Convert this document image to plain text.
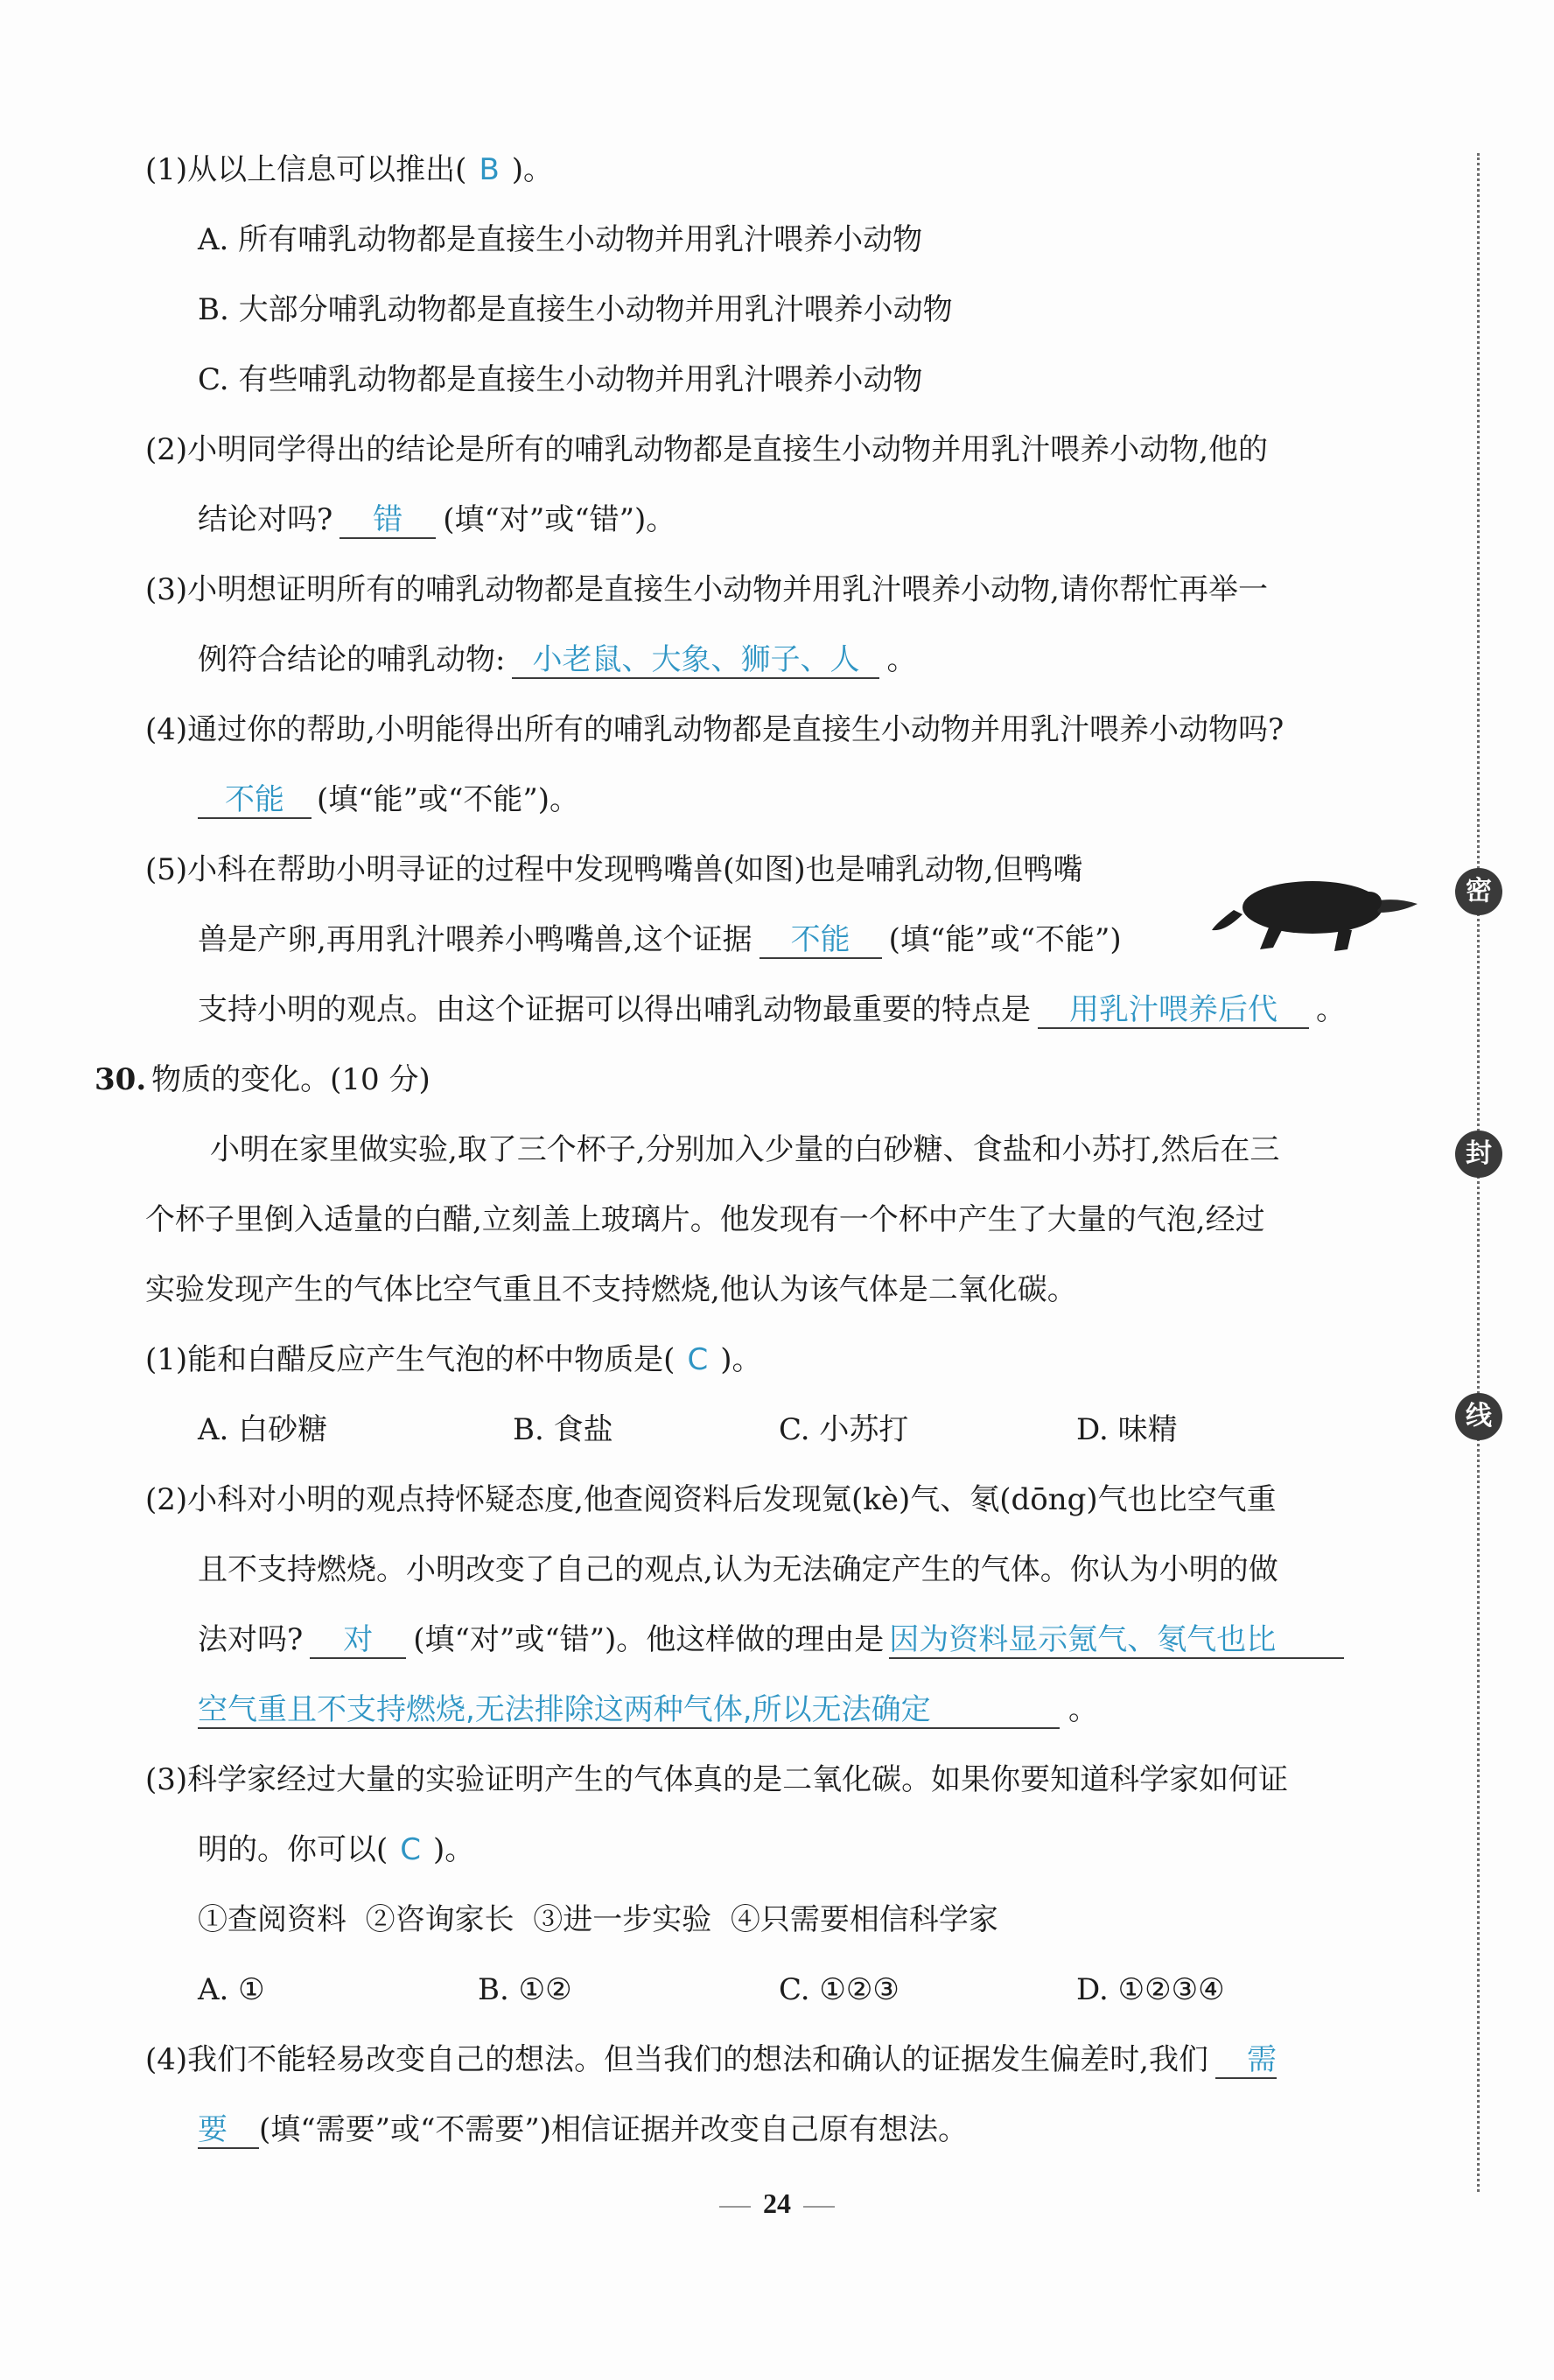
(1)从以上信息可以推出( B )。
A. 所有哺乳动物都是直接生小动物并用乳汁喂养小动物
B. 大部分哺乳动物都是直接生小动物并用乳汁喂养小动物
C. 有些哺乳动物都是直接生小动物并用乳汁喂养小动物
(2)小明同学得出的结论是所有的哺乳动物都是直接生小动物并用乳汁喂养小动物,他的
结论对吗? 错 (填“对”或“错”)。
(3)小明想证明所有的哺乳动物都是直接生小动物并用乳汁喂养小动物,请你帮忙再举一
例符合结论的哺乳动物: 小老鼠、大象、狮子、人 。
(4)通过你的帮助,小明能得出所有的哺乳动物都是直接生小动物并用乳汁喂养小动物吗?
不能 (填“能”或“不能”)。
(5)小科在帮助小明寻证的过程中发现鸭嘴兽(如图)也是哺乳动物,但鸭嘴
兽是产卵,再用乳汁喂养小鸭嘴兽,这个证据 不能 (填“能”或“不能”)
支持小明的观点。由这个证据可以得出哺乳动物最重要的特点是 用乳汁喂养后代 。
30. 物质的变化。(10 分)
小明在家里做实验,取了三个杯子,分别加入少量的白砂糖、食盐和小苏打,然后在三
个杯子里倒入适量的白醋,立刻盖上玻璃片。他发现有一个杯中产生了大量的气泡,经过
实验发现产生的气体比空气重且不支持燃烧,他认为该气体是二氧化碳。
(1)能和白醋反应产生气泡的杯中物质是( C )。
A. 白砂糖	B. 食盐	C. 小苏打	D. 味精
(2)小科对小明的观点持怀疑态度,他查阅资料后发现氪(kè)气、氡(dōng)气也比空气重
且不支持燃烧。小明改变了自己的观点,认为无法确定产生的气体。你认为小明的做
法对吗? 对 (填“对”或“错”)。他这样做的理由是 因为资料显示氪气、氡气也比
空气重且不支持燃烧,无法排除这两种气体,所以无法确定	。
(3)科学家经过大量的实验证明产生的气体真的是二氧化碳。如果你要知道科学家如何证
明的。你可以( C )。
①查阅资料  ②咨询家长  ③进一步实验  ④只需要相信科学家
A. ①	B. ①②	C. ①②③	D. ①②③④
(4)我们不能轻易改变自己的想法。但当我们的想法和确认的证据发生偏差时,我们 需
要 (填“需要”或“不需要”)相信证据并改变自己原有想法。
密
封
线
24
